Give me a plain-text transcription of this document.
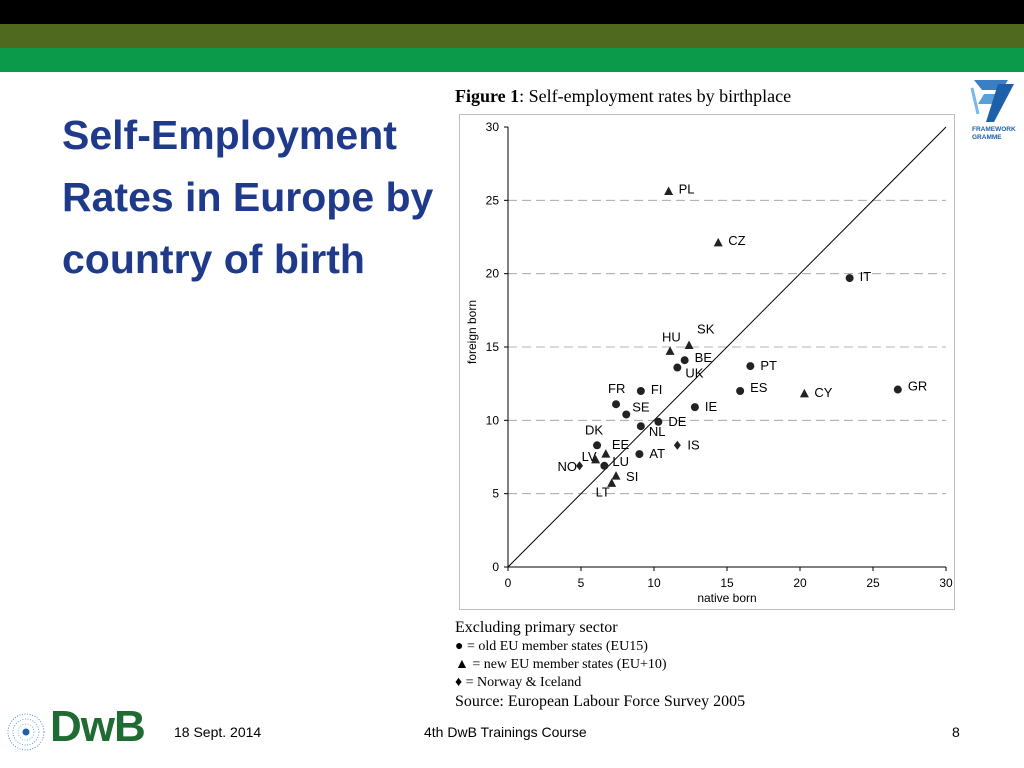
Self-Employment Rates in Europe by country of birth
Figure 1: Self-employment rates by birthplace
0	5	10	15	20	25	30
0
5
10
15
20
25
30
native born
foreign born
PL
CZ
IT
HU
SK
BE
UK	PT
GR
ES	CY
FR FI
SE	IE
DE
NL
DK
IS
EE
AT
LV LU
NO
SI
LT
Excluding primary sector
● = old EU member states (EU15)
▲ = new EU member states (EU+10)
♦ = Norway & Iceland
Source: European Labour Force Survey 2005
FRAMEWORK
GRAMME
DwB 18 Sept. 2014	4th DwB Trainings Course	8
